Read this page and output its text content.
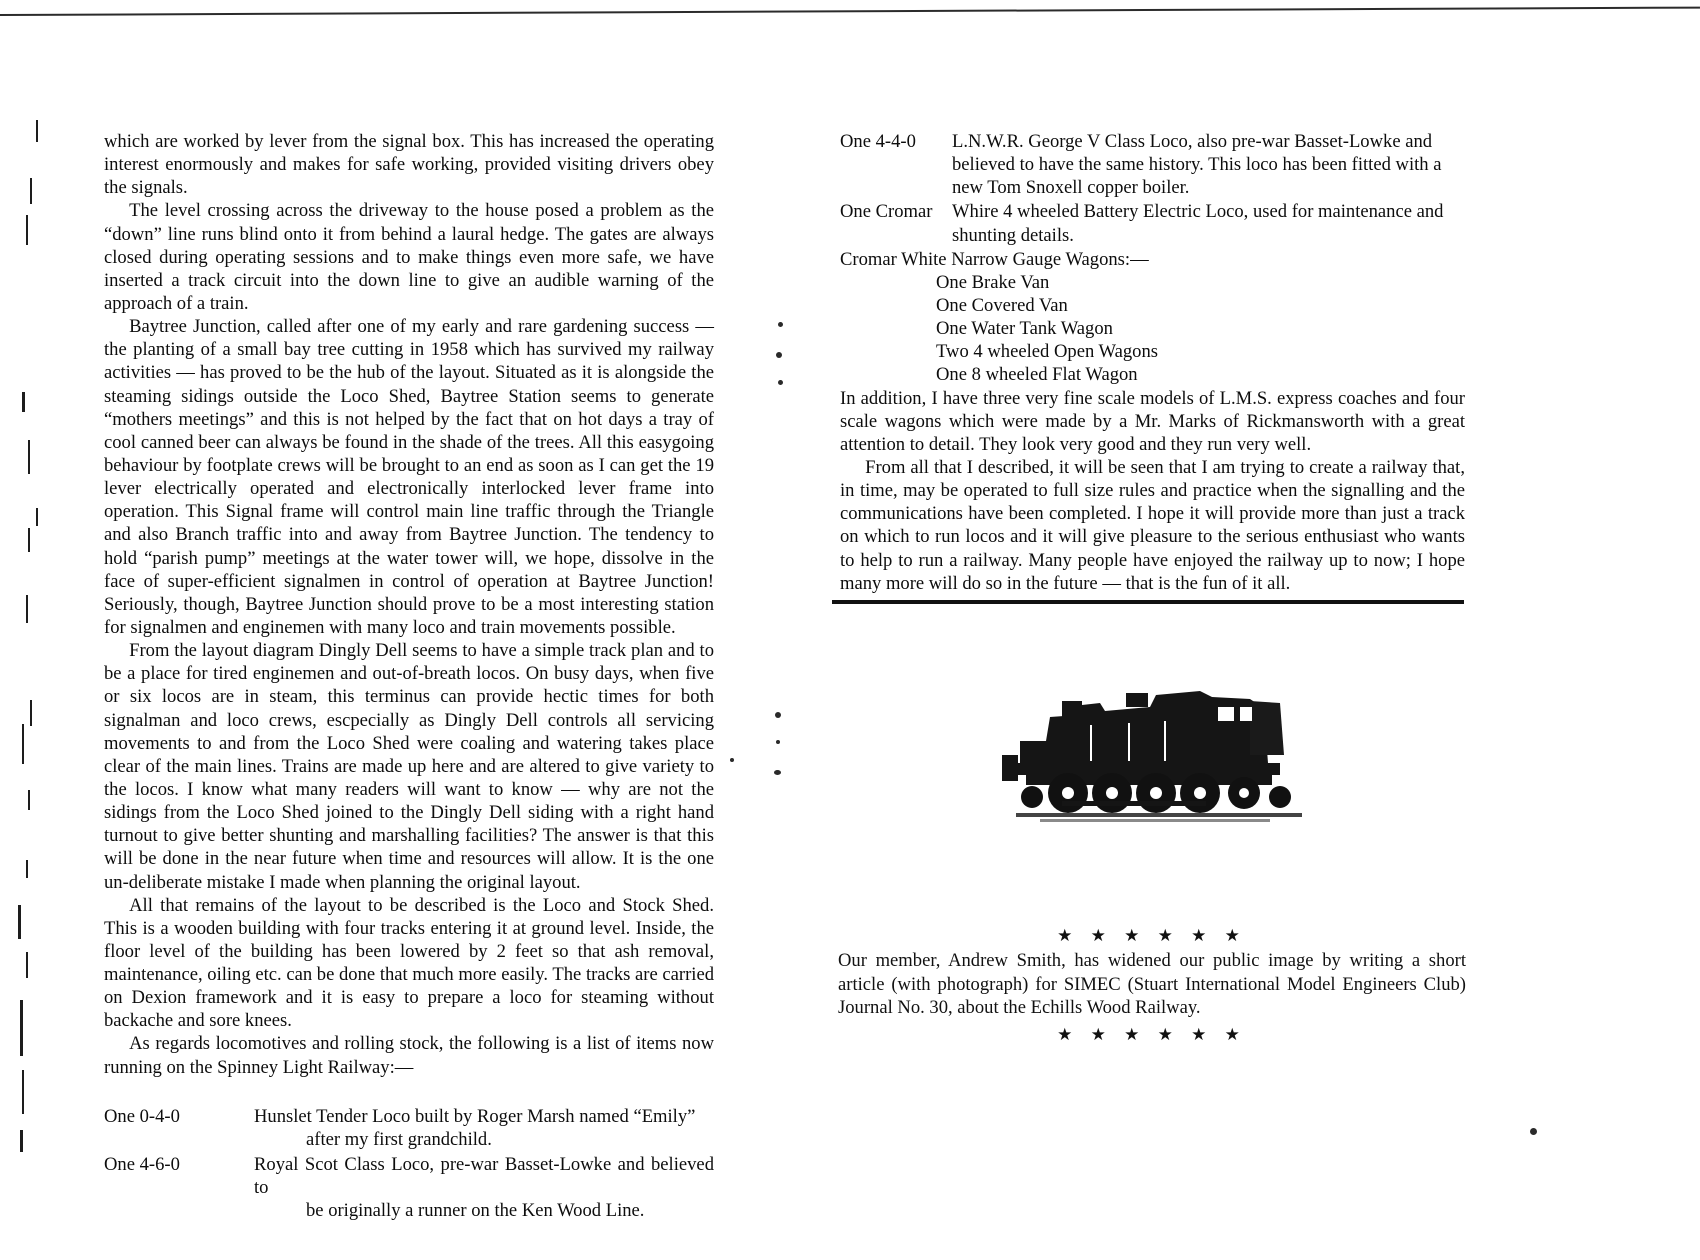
which are worked by lever from the signal box. This has increased the operating interest enormously and makes for safe working, provided visiting drivers obey the signals.

The level crossing across the driveway to the house posed a problem as the “down” line runs blind onto it from behind a laural hedge. The gates are always closed during operating sessions and to make things even more safe, we have inserted a track circuit into the down line to give an audible warning of the approach of a train.

Baytree Junction, called after one of my early and rare gardening success — the planting of a small bay tree cutting in 1958 which has survived my railway activities — has proved to be the hub of the layout. Situated as it is alongside the steaming sidings outside the Loco Shed, Baytree Station seems to generate “mothers meetings” and this is not helped by the fact that on hot days a tray of cool canned beer can always be found in the shade of the trees. All this easygoing behaviour by footplate crews will be brought to an end as soon as I can get the 19 lever electrically operated and electronically interlocked lever frame into operation. This Signal frame will control main line traffic through the Triangle and also Branch traffic into and away from Baytree Junction. The tendency to hold “parish pump” meetings at the water tower will, we hope, dissolve in the face of super-efficient signalmen in control of operation at Baytree Junction! Seriously, though, Baytree Junction should prove to be a most interesting station for signalmen and enginemen with many loco and train movements possible.

From the layout diagram Dingly Dell seems to have a simple track plan and to be a place for tired enginemen and out-of-breath locos. On busy days, when five or six locos are in steam, this terminus can provide hectic times for both signalman and loco crews, escpecially as Dingly Dell controls all servicing movements to and from the Loco Shed were coaling and watering takes place clear of the main lines. Trains are made up here and are altered to give variety to the locos. I know what many readers will want to know — why are not the sidings from the Loco Shed joined to the Dingly Dell siding with a right hand turnout to give better shunting and marshalling facilities? The answer is that this will be done in the near future when time and resources will allow. It is the one un-deliberate mistake I made when planning the original layout.

All that remains of the layout to be described is the Loco and Stock Shed. This is a wooden building with four tracks entering it at ground level. Inside, the floor level of the building has been lowered by 2 feet so that ash removal, maintenance, oiling etc. can be done that much more easily. The tracks are carried on Dexion framework and it is easy to prepare a loco for steaming without backache and sore knees.

As regards locomotives and rolling stock, the following is a list of items now running on the Spinney Light Railway:—

One 0-4-0	Hunslet Tender Loco built by Roger Marsh named “Emily”
after my first grandchild.
One 4-6-0	Royal Scot Class Loco, pre-war Basset-Lowke and believed to
be originally a runner on the Ken Wood Line.
One 4-4-0	L.N.W.R. George V Class Loco, also pre-war Basset-Lowke and believed to have the same history. This loco has been fitted with a new Tom Snoxell copper boiler.
One Cromar	Whire 4 wheeled Battery Electric Loco, used for maintenance and shunting details.

Cromar White Narrow Gauge Wagons:—

One Brake Van

One Covered Van

One Water Tank Wagon

Two 4 wheeled Open Wagons

One 8 wheeled Flat Wagon

In addition, I have three very fine scale models of L.M.S. express coaches and four scale wagons which were made by a Mr. Marks of Rickmansworth with a great attention to detail. They look very good and they run very well.

From all that I described, it will be seen that I am trying to create a railway that, in time, may be operated to full size rules and practice when the signalling and the communications have been completed. I hope it will provide more than just a track on which to run locos and it will give pleasure to the serious enthusiast who wants to help to run a railway. Many people have enjoyed the railway up to now; I hope many more will do so in the future — that is the fun of it all.

★ ★ ★ ★ ★ ★

Our member, Andrew Smith, has widened our public image by writing a short article (with photograph) for SIMEC (Stuart International Model Engineers Club) Journal No. 30, about the Echills Wood Railway.

★ ★ ★ ★ ★ ★
